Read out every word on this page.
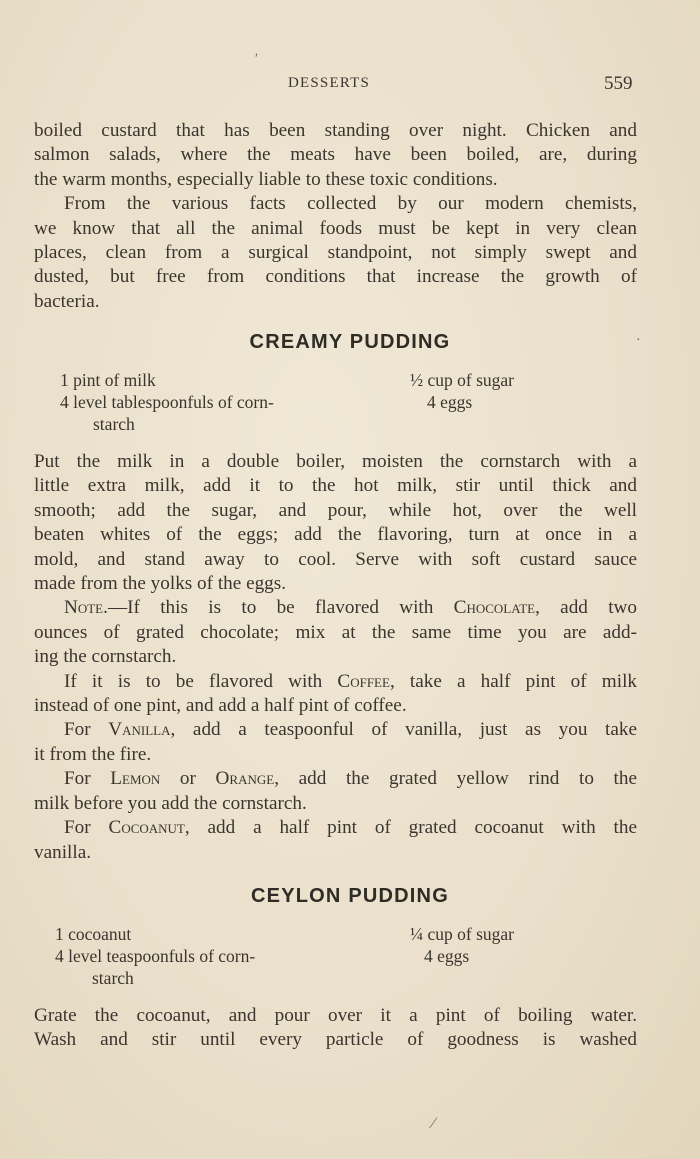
DESSERTS	559
boiled custard that has been standing over night. Chicken and
salmon salads, where the meats have been boiled, are, during
the warm months, especially liable to these toxic conditions.
From the various facts collected by our modern chemists,
we know that all the animal foods must be kept in very clean
places, clean from a surgical standpoint, not simply swept and
dusted, but free from conditions that increase the growth of
bacteria.
CREAMY PUDDING
1 pint of milk
4 level tablespoonfuls of corn-
starch
½ cup of sugar
4 eggs
Put the milk in a double boiler, moisten the cornstarch with a
little extra milk, add it to the hot milk, stir until thick and
smooth; add the sugar, and pour, while hot, over the well
beaten whites of the eggs; add the flavoring, turn at once in a
mold, and stand away to cool. Serve with soft custard sauce
made from the yolks of the eggs.
Note.—If this is to be flavored with Chocolate, add two
ounces of grated chocolate; mix at the same time you are add-
ing the cornstarch.
If it is to be flavored with Coffee, take a half pint of milk
instead of one pint, and add a half pint of coffee.
For Vanilla, add a teaspoonful of vanilla, just as you take
it from the fire.
For Lemon or Orange, add the grated yellow rind to the
milk before you add the cornstarch.
For Cocoanut, add a half pint of grated cocoanut with the
vanilla.
CEYLON PUDDING
1 cocoanut
4 level teaspoonfuls of corn-
starch
¼ cup of sugar
4 eggs
Grate the cocoanut, and pour over it a pint of boiling water.
Wash and stir until every particle of goodness is washed
ʹ
·
⁄
